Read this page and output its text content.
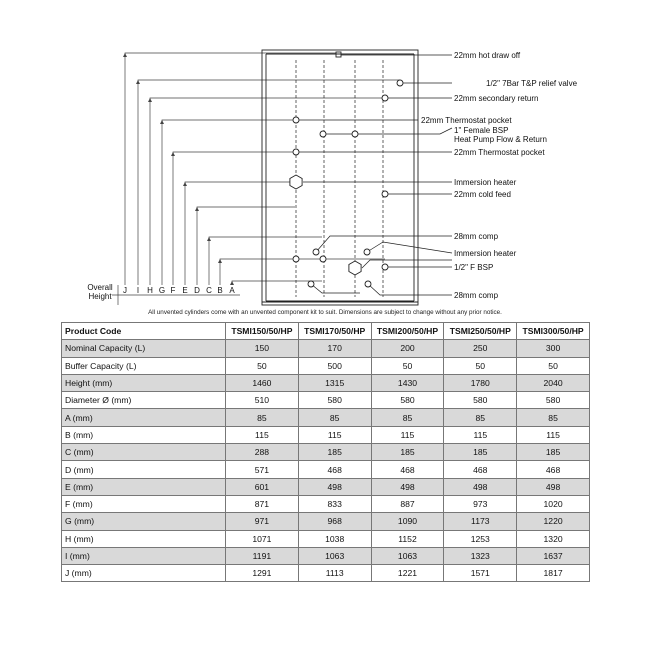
22mm hot draw off
1/2" 7Bar T&P relief valve
22mm secondary return
22mm Thermostat pocket
1" Female BSP
Heat Pump Flow & Return
22mm Thermostat pocket
Immersion heater
22mm cold feed
28mm comp
Immersion heater
1/2" F BSP
28mm comp
J I H G F E D C B A
Overall
Height
All unvented cylinders come with an unvented component kit to suit. Dimensions are subject to change without any prior notice.
Product Code	TSMI150/50/HP	TSMI170/50/HP	TSMI200/50/HP	TSMI250/50/HP	TSMI300/50/HP
Nominal Capacity (L)	150	170	200	250	300
Buffer Capacity (L)	50	500	50	50	50
Height (mm)	1460	1315	1430	1780	2040
Diameter Ø (mm)	510	580	580	580	580
A (mm)	85	85	85	85	85
B (mm)	115	115	115	115	115
C (mm)	288	185	185	185	185
D (mm)	571	468	468	468	468
E (mm)	601	498	498	498	498
F (mm)	871	833	887	973	1020
G (mm)	971	968	1090	1173	1220
H (mm)	1071	1038	1152	1253	1320
I (mm)	1191	1063	1063	1323	1637
J (mm)	1291	1113	1221	1571	1817
